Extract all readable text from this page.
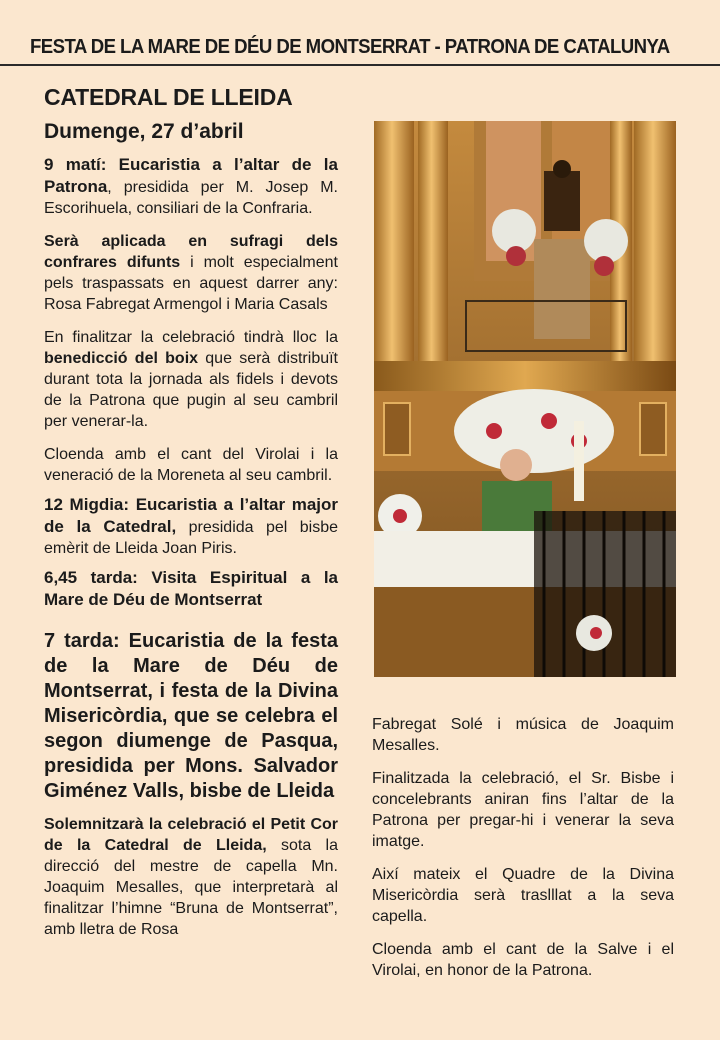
FESTA DE LA MARE DE DÉU DE MONTSERRAT - PATRONA DE CATALUNYA
CATEDRAL DE LLEIDA
Dumenge, 27 d’abril

9 matí: Eucaristia a l’altar de la Patrona, presidida per M. Josep M. Escorihuela, consiliari de la Confraria.

Serà aplicada en sufragi dels confrares difunts i molt especialment pels traspassats en aquest darrer any: Rosa Fabregat Armengol i Maria Casals

En finalitzar la celebració tindrà lloc la benedicció del boix que serà distribuït durant tota la jornada als fidels i devots de la Patrona que pugin al seu cambril per venerar-la.

Cloenda amb el cant del Virolai i la veneració de la Moreneta al seu cambril.

12 Migdia: Eucaristia a l’altar major de la Catedral, presidida pel bisbe emèrit de Lleida Joan Piris.

6,45 tarda: Visita Espiritual a la Mare de Déu de Montserrat

7 tarda: Eucaristia de la festa de la Mare de Déu de Montserrat, i festa de la Divina Misericòrdia, que se celebra el segon diumenge de Pasqua, presidida per Mons. Salvador Giménez Valls, bisbe de Lleida

Solemnitzarà la celebració el Petit Cor de la Catedral de Lleida, sota la direcció del mestre de capella Mn. Joaquim Mesalles, que interpretarà al finalitzar l’himne “Bruna de Montserrat”, amb lletra de Rosa

Fabregat Solé i música de Joaquim Mesalles.

Finalitzada la celebració, el Sr. Bisbe i concelebrants aniran fins l’altar de la Patrona per pregar-hi i venerar la seva imatge.

Així mateix el Quadre de la Divina Misericòrdia serà traslllat a la seva capella.

Cloenda amb el cant de la Salve i el Virolai, en honor de la Patrona.
